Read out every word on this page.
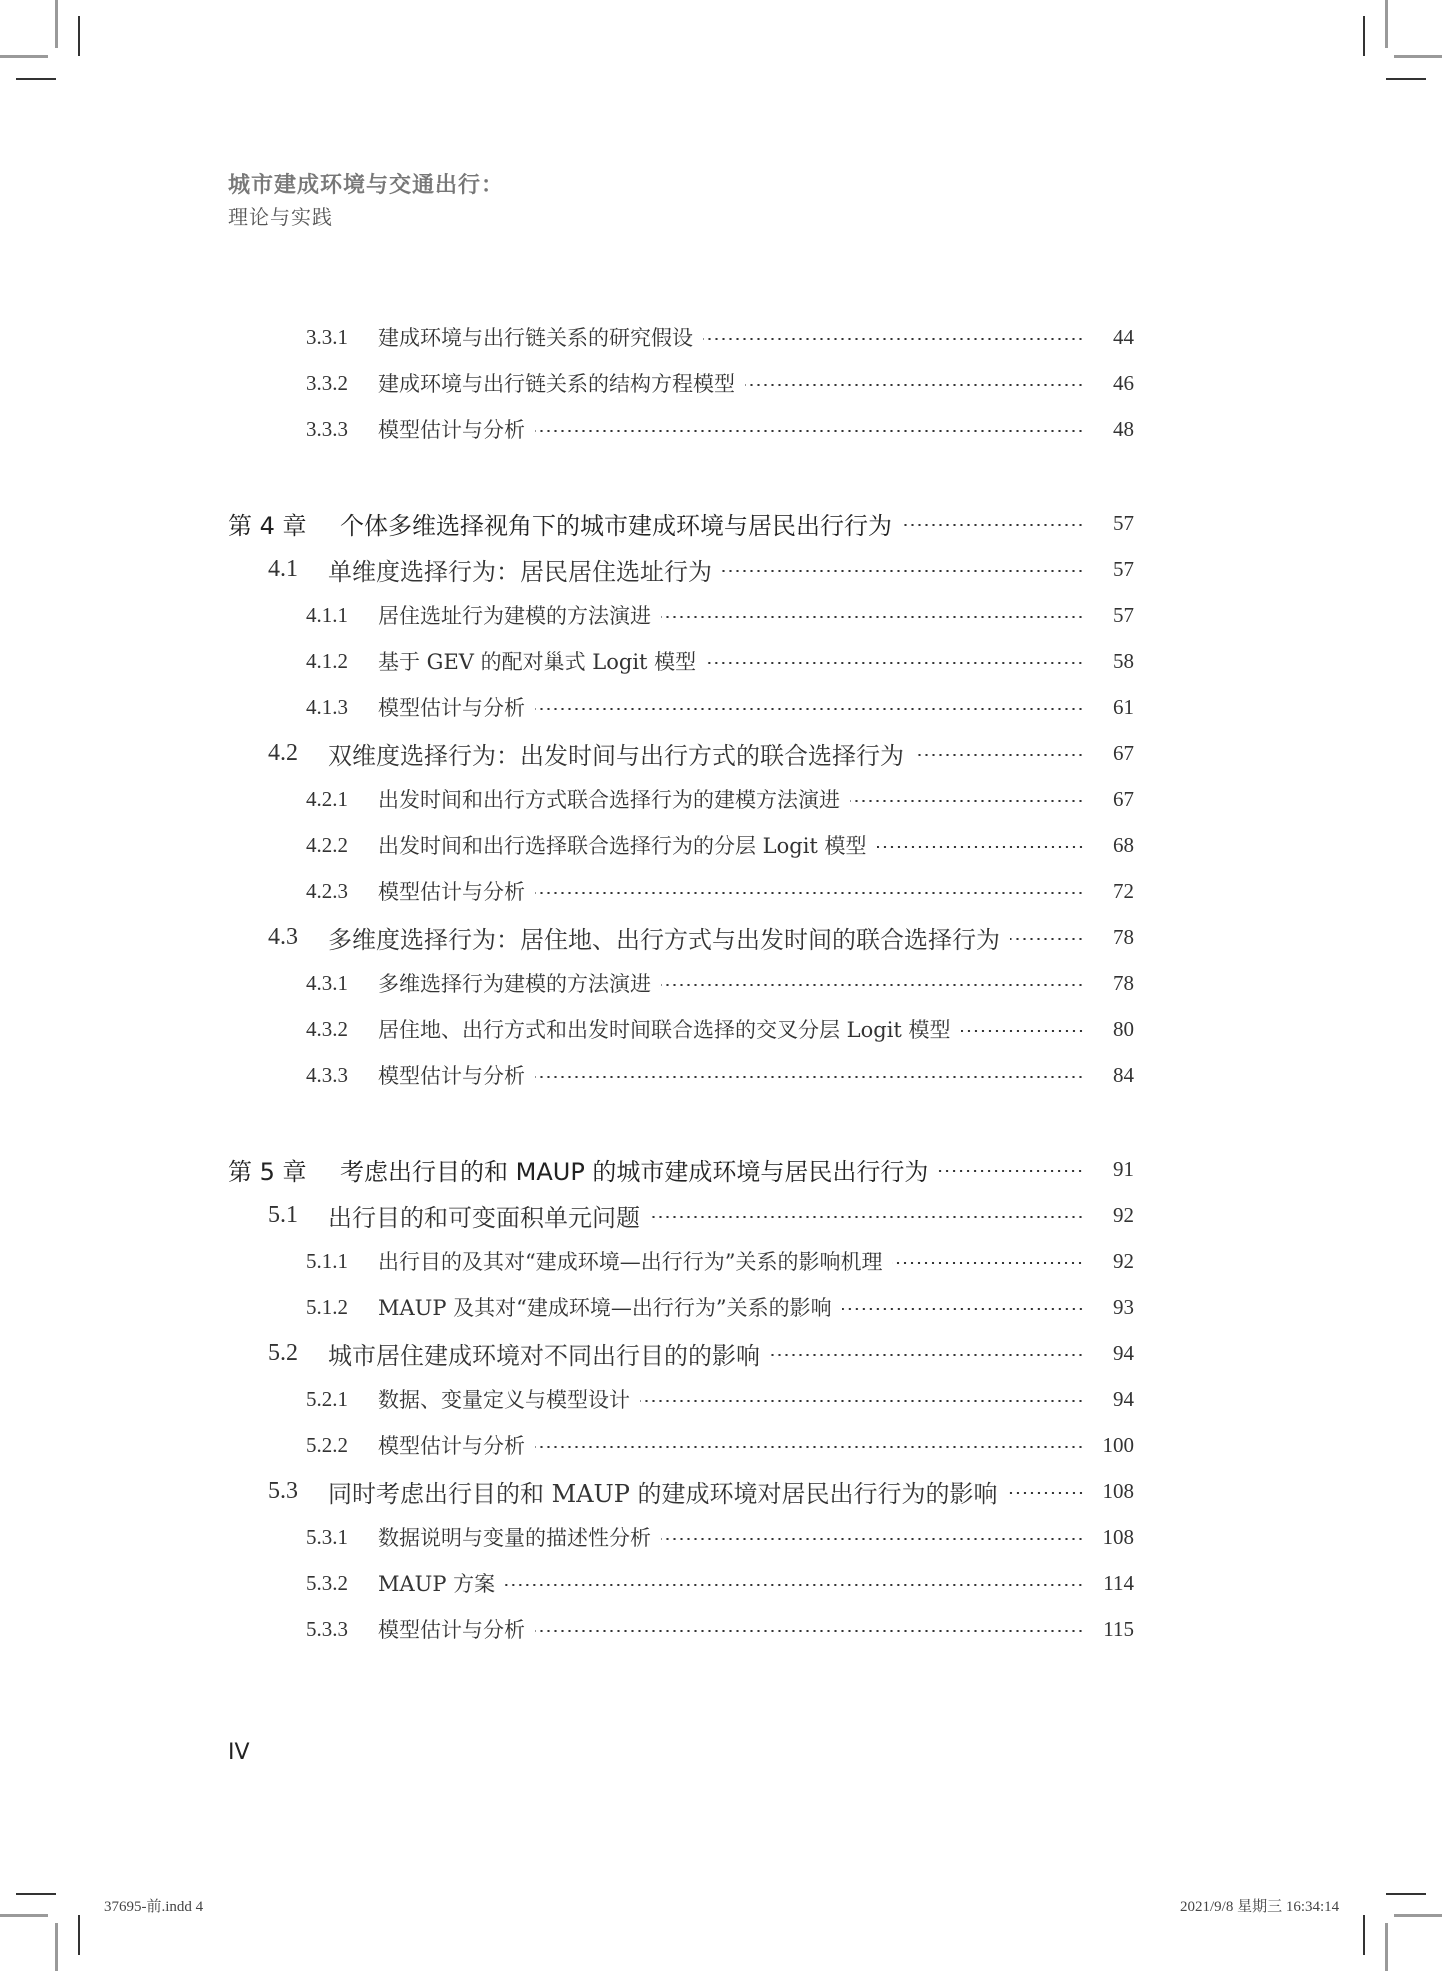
城市建成环境与交通出行：
理论与实践
3.3.1	建成环境与出行链关系的研究假设	44
3.3.2	建成环境与出行链关系的结构方程模型	46
3.3.3	模型估计与分析	48
第 4 章	个体多维选择视角下的城市建成环境与居民出行行为	57
4.1	单维度选择行为：居民居住选址行为	57
4.1.1	居住选址行为建模的方法演进	57
4.1.2	基于 GEV 的配对巢式 Logit 模型	58
4.1.3	模型估计与分析	61
4.2	双维度选择行为：出发时间与出行方式的联合选择行为	67
4.2.1	出发时间和出行方式联合选择行为的建模方法演进	67
4.2.2	出发时间和出行选择联合选择行为的分层 Logit 模型	68
4.2.3	模型估计与分析	72
4.3	多维度选择行为：居住地、出行方式与出发时间的联合选择行为	78
4.3.1	多维选择行为建模的方法演进	78
4.3.2	居住地、出行方式和出发时间联合选择的交叉分层 Logit 模型	80
4.3.3	模型估计与分析	84
第 5 章	考虑出行目的和 MAUP 的城市建成环境与居民出行行为	91
5.1	出行目的和可变面积单元问题	92
5.1.1	出行目的及其对“建成环境—出行行为”关系的影响机理	92
5.1.2	MAUP 及其对“建成环境—出行行为”关系的影响	93
5.2	城市居住建成环境对不同出行目的的影响	94
5.2.1	数据、变量定义与模型设计	94
5.2.2	模型估计与分析	100
5.3	同时考虑出行目的和 MAUP 的建成环境对居民出行行为的影响	108
5.3.1	数据说明与变量的描述性分析	108
5.3.2	MAUP 方案	114
5.3.3	模型估计与分析	115
IV
37695-前.indd 4	2021/9/8 星期三 16:34:14
